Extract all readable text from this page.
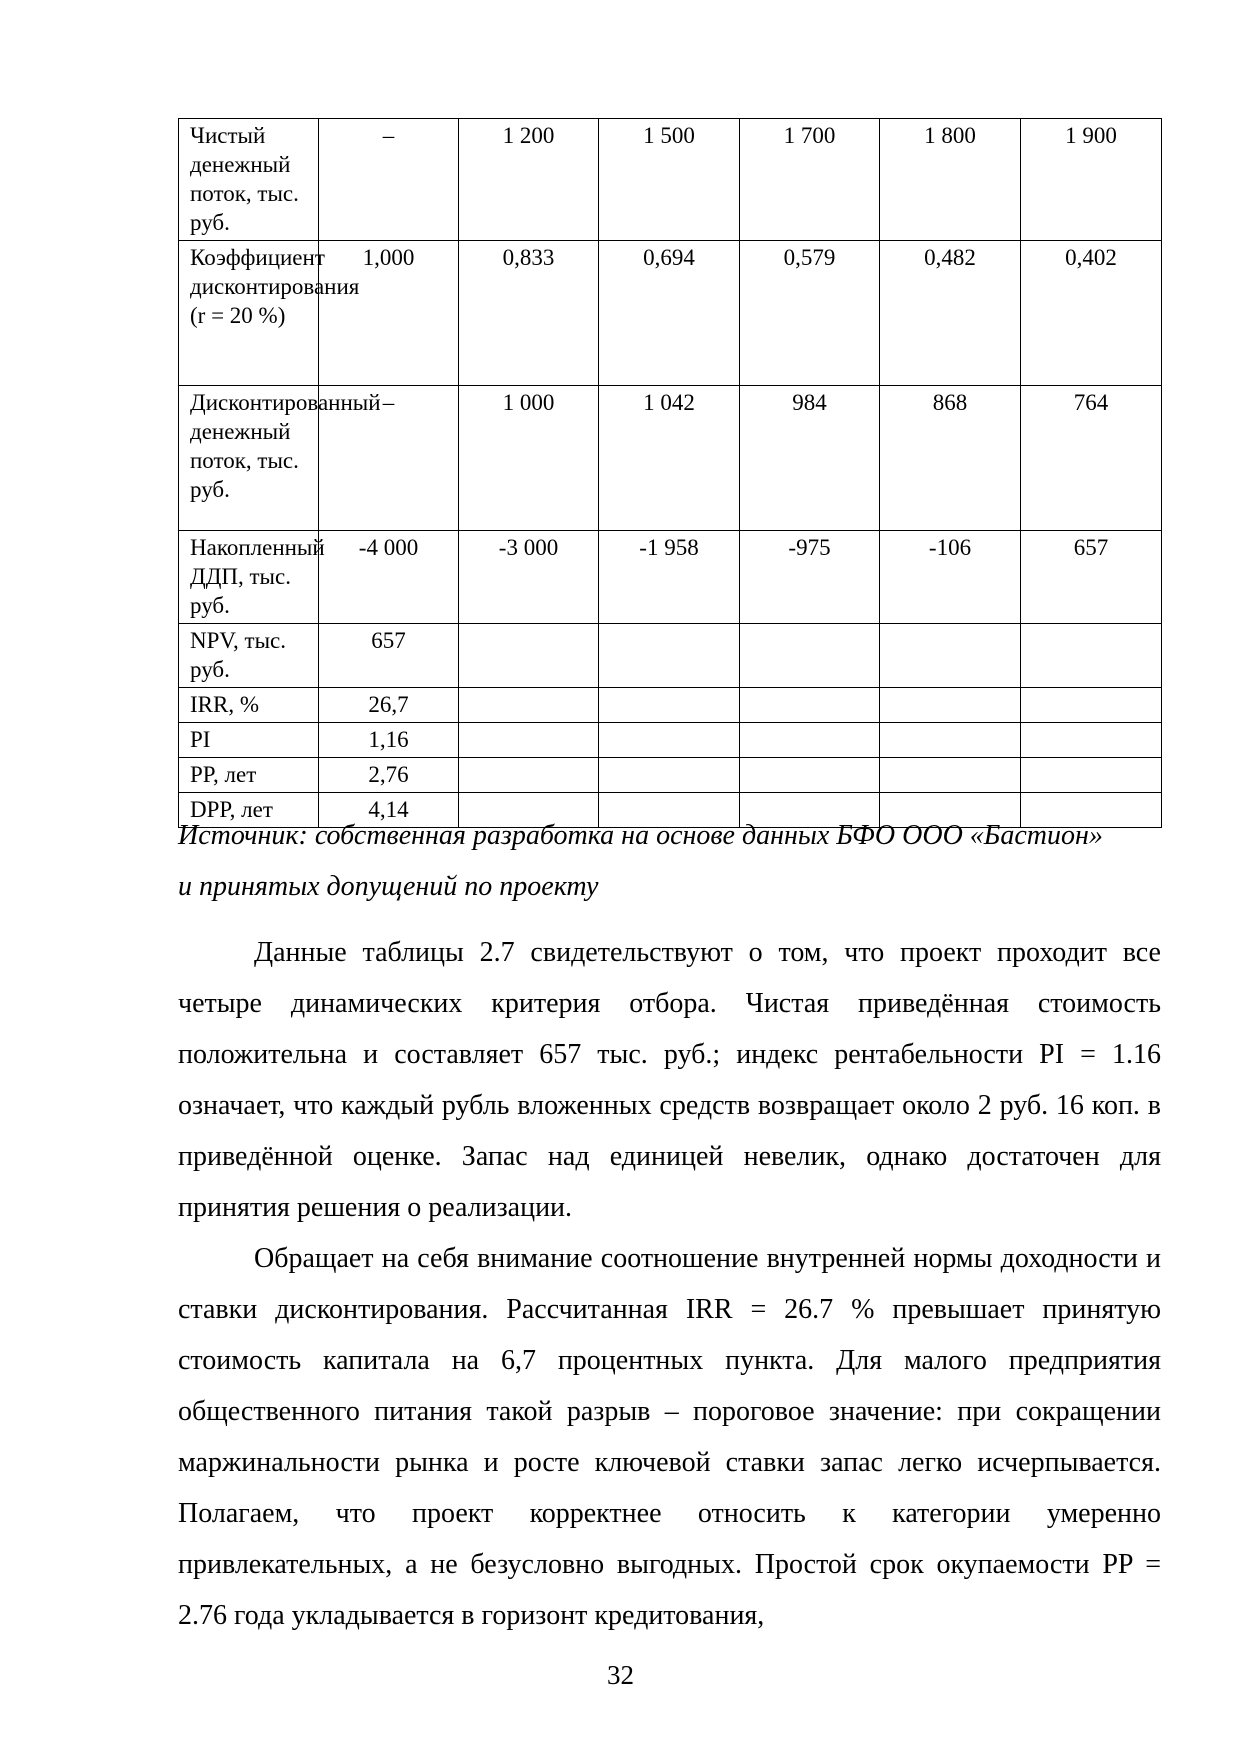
Чистый денежный поток, тыс. руб.	–	1 200	1 500	1 700	1 800	1 900
Коэффициент дисконтирования (r = 20 %)	1,000	0,833	0,694	0,579	0,482	0,402
Дисконтированный денежный поток, тыс. руб.	–	1 000	1 042	984	868	764
Накопленный ДДП, тыс. руб.	-4 000	-3 000	-1 958	-975	-106	657
NPV, тыс. руб.	657					
IRR, %	26,7					
PI	1,16					
PP, лет	2,76					
DPP, лет	4,14					
Источник: собственная разработка на основе данных БФО ООО «Бастион»
и принятых допущений по проекту

Данные таблицы 2.7 свидетельствуют о том, что проект проходит все четыре динамических критерия отбора. Чистая приведённая стоимость положительна и составляет 657 тыс. руб.; индекс рентабельности PI = 1.16 означает, что каждый рубль вложенных средств возвращает около 2 руб. 16 коп. в приведённой оценке. Запас над единицей невелик, однако достаточен для принятия решения о реализации.

Обращает на себя внимание соотношение внутренней нормы доходности и ставки дисконтирования. Рассчитанная IRR = 26.7 % превышает принятую стоимость капитала на 6,7 процентных пункта. Для малого предприятия общественного питания такой разрыв – пороговое значение: при сокращении маржинальности рынка и росте ключевой ставки запас легко исчерпывается. Полагаем, что проект корректнее относить к категории умеренно привлекательных, а не безусловно выгодных. Простой срок окупаемости PP = 2.76 года укладывается в горизонт кредитования,

32
